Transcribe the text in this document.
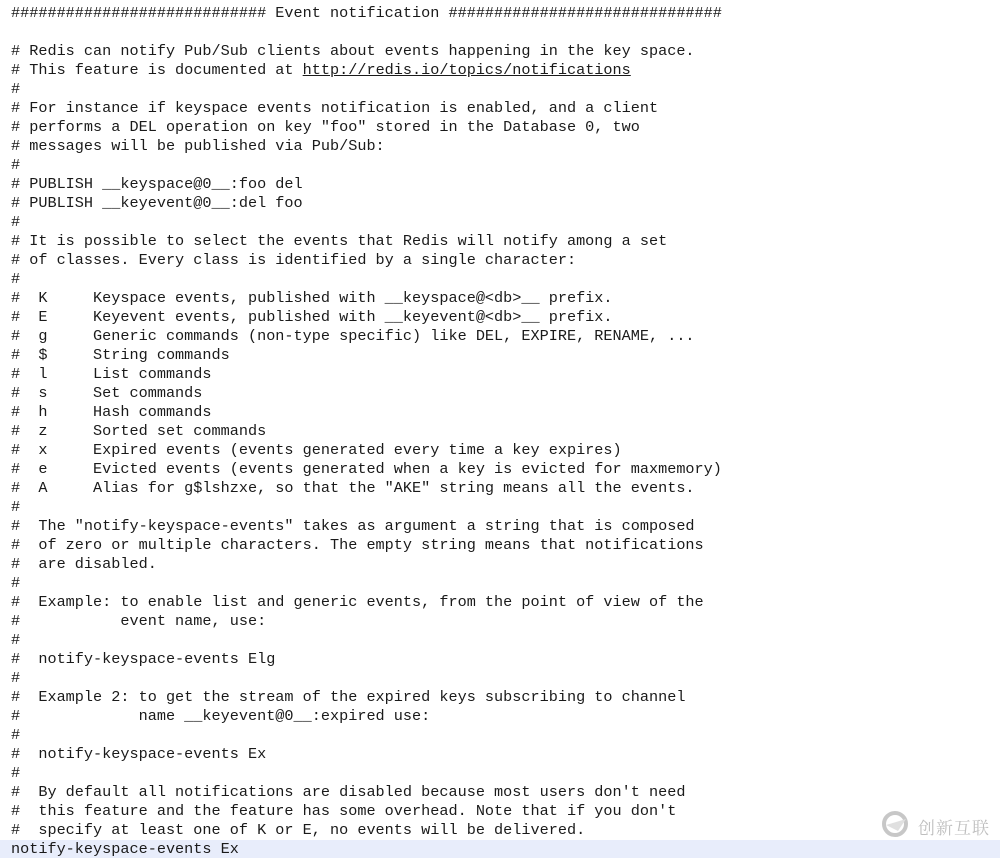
############################ Event notification ##############################
# Redis can notify Pub/Sub clients about events happening in the key space.
# This feature is documented at http://redis.io/topics/notifications
#
# For instance if keyspace events notification is enabled, and a client
# performs a DEL operation on key "foo" stored in the Database 0, two
# messages will be published via Pub/Sub:
#
# PUBLISH __keyspace@0__:foo del
# PUBLISH __keyevent@0__:del foo
#
# It is possible to select the events that Redis will notify among a set
# of classes. Every class is identified by a single character:
#
#  K     Keyspace events, published with __keyspace@<db>__ prefix.
#  E     Keyevent events, published with __keyevent@<db>__ prefix.
#  g     Generic commands (non-type specific) like DEL, EXPIRE, RENAME, ...
#  $     String commands
#  l     List commands
#  s     Set commands
#  h     Hash commands
#  z     Sorted set commands
#  x     Expired events (events generated every time a key expires)
#  e     Evicted events (events generated when a key is evicted for maxmemory)
#  A     Alias for g$lshzxe, so that the "AKE" string means all the events.
#
#  The "notify-keyspace-events" takes as argument a string that is composed
#  of zero or multiple characters. The empty string means that notifications
#  are disabled.
#
#  Example: to enable list and generic events, from the point of view of the
#           event name, use:
#
#  notify-keyspace-events Elg
#
#  Example 2: to get the stream of the expired keys subscribing to channel
#             name __keyevent@0__:expired use:
#
#  notify-keyspace-events Ex
#
#  By default all notifications are disabled because most users don't need
#  this feature and the feature has some overhead. Note that if you don't
#  specify at least one of K or E, no events will be delivered.
notify-keyspace-events Ex
创新互联
